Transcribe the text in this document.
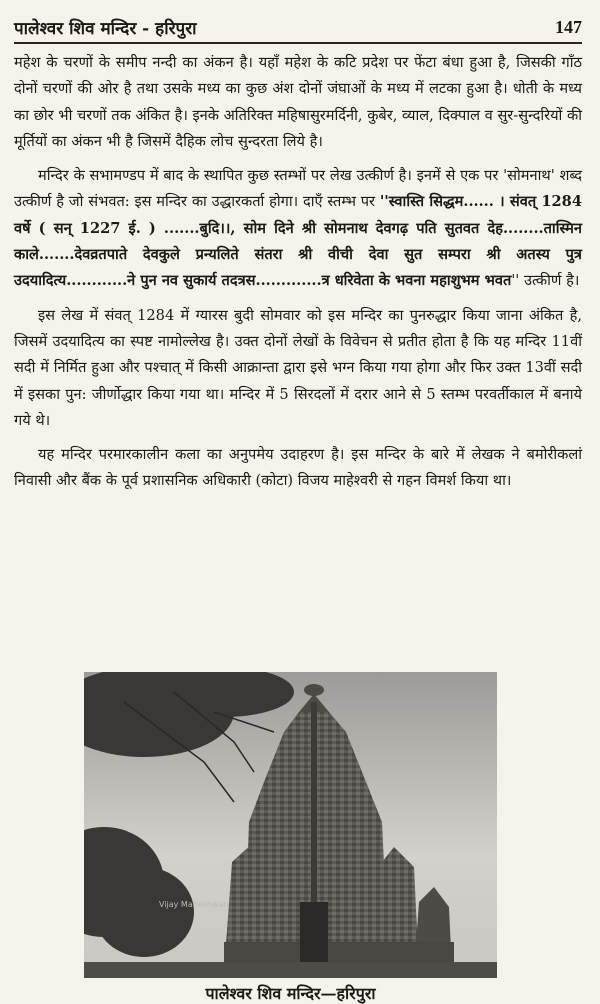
पालेश्वर शिव मन्दिर - हरिपुरा	147

महेश के चरणों के समीप नन्दी का अंकन है। यहाँ महेश के कटि प्रदेश पर फेंटा बंधा हुआ है, जिसकी गाँठ दोनों चरणों की ओर है तथा उसके मध्य का कुछ अंश दोनों जंघाओं के मध्य में लटका हुआ है। धोती के मध्य का छोर भी चरणों तक अंकित है। इनके अतिरिक्त महिषासुरमर्दिनी, कुबेर, व्याल, दिक्पाल व सुर-सुन्दरियों की मूर्तियों का अंकन भी है जिसमें दैहिक लोच सुन्दरता लिये है।

मन्दिर के सभामण्डप में बाद के स्थापित कुछ स्तम्भों पर लेख उत्कीर्ण है। इनमें से एक पर 'सोमनाथ' शब्द उत्कीर्ण है जो संभवत: इस मन्दिर का उद्धारकर्ता होगा। दाएँ स्तम्भ पर ''स्वास्ति सिद्धम...... । संवत् 1284 वर्षे ( सन् 1227 ई. ) .......बुदि।।, सोम दिने श्री सोमनाथ देवगढ़ पति सुतवत देह........तास्मिन काले.......देवव्रतपाते देवकुले प्रन्यलिते संतरा श्री वीची देवा सुत सम्परा श्री अतस्य पुत्र उदयादित्य............ने पुन नव सुकार्य तदत्रस.............त्र धरिवेता के भवना महाशुभम भवत'' उत्कीर्ण है।

इस लेख में संवत् 1284 में ग्यारस बुदी सोमवार को इस मन्दिर का पुनरुद्धार किया जाना अंकित है, जिसमें उदयादित्य का स्पष्ट नामोल्लेख है। उक्त दोनों लेखों के विवेचन से प्रतीत होता है कि यह मन्दिर 11वीं सदी में निर्मित हुआ और पश्चात् में किसी आक्रान्ता द्वारा इसे भग्न किया गया होगा और फिर उक्त 13वीं सदी में इसका पुन: जीर्णोद्धार किया गया था। मन्दिर में 5 सिरदलों में दरार आने से 5 स्तम्भ परवर्तीकाल में बनाये गये थे।

यह मन्दिर परमारकालीन कला का अनुपमेय उदाहरण है। इस मन्दिर के बारे में लेखक ने बमोरीकलां निवासी और बैंक के पूर्व प्रशासनिक अधिकारी (कोटा) विजय माहेश्वरी से गहन विमर्श किया था।

Vijay Maheshwari
पालेश्वर शिव मन्दिर—हरिपुरा
